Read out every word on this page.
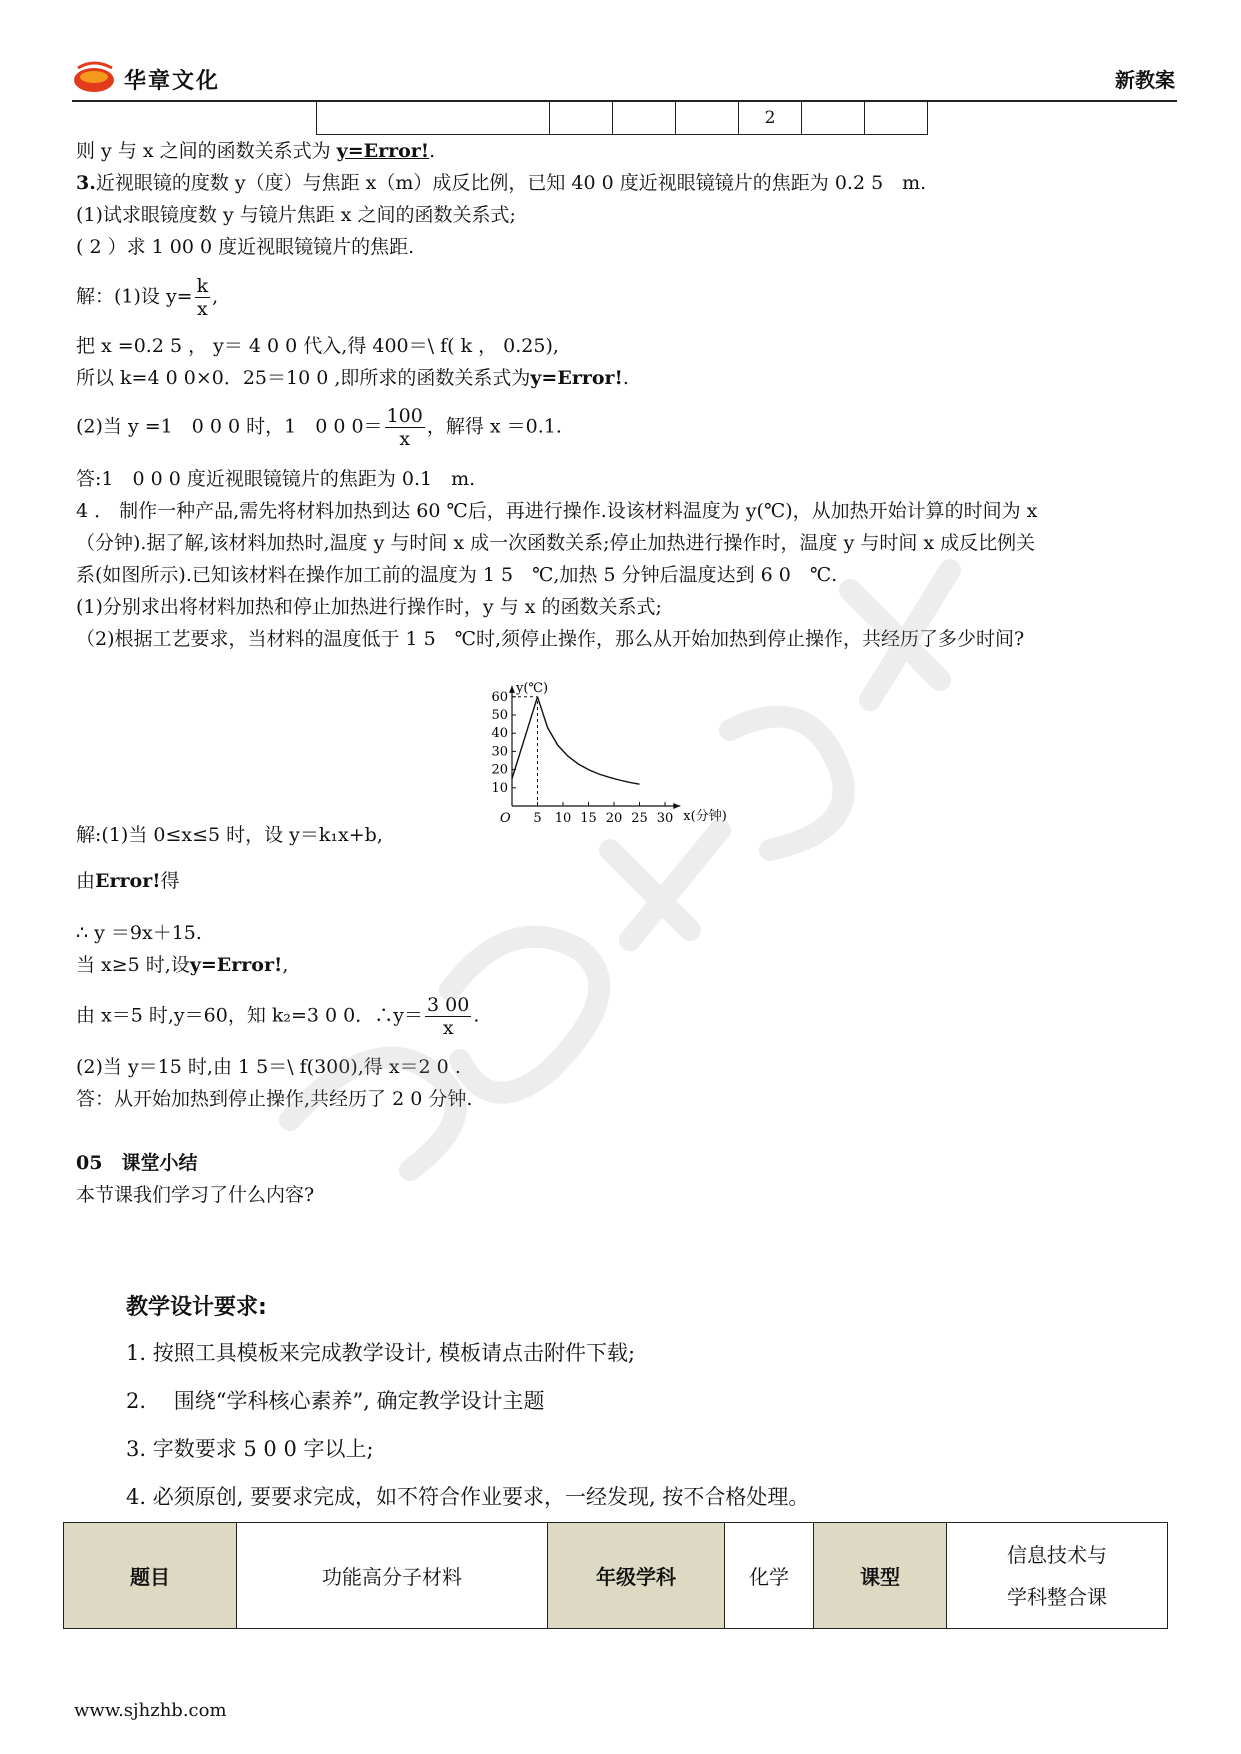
华章文化	新教案
				2		
则 y 与 x 之间的函数关系式为 y=Error!.
3.近视眼镜的度数 y（度）与焦距 x（m）成反比例，已知 40 0 度近视眼镜镜片的焦距为 0.2 5　m.
(1)试求眼镜度数 y 与镜片焦距 x 之间的函数关系式;
( 2 ）求 1 00 0 度近视眼镜镜片的焦距.
解：(1)设 $y= \frac{k}{x}$ ,
把 x =0.2 5 ， y＝ 4 0 0 代入,得 400＝\ f( k ， 0.25),
所以 k=4 0 0×0．25＝10 0 ,即所求的函数关系式为y=Error!.
(2)当 y =1　0 0 0 时，1　0 0 $0= \frac{100}{x}$ ，解得 x ＝0.1.
答:1　0 0 0 度近视眼镜镜片的焦距为 0.1　m.
4 ． 制作一种产品,需先将材料加热到达 60 ℃后，再进行操作.设该材料温度为 y(℃)，从加热开始计算的时间为 x
（分钟).据了解,该材料加热时,温度 y 与时间 x 成一次函数关系;停止加热进行操作时，温度 y 与时间 x 成反比例关
系(如图所示).已知该材料在操作加工前的温度为 1 5　℃,加热 5 分钟后温度达到 6 0　℃.
(1)分别求出将材料加热和停止加热进行操作时，y 与 x 的函数关系式;
（2)根据工艺要求，当材料的温度低于 1 5　℃时,须停止操作，那么从开始加热到停止操作，共经历了多少时间?
5 10 15 20 25 30
10
20
30
40
50
60
O	x(分钟)
y(℃)
解:(1)当 0≤x≤5 时，设 y＝k₁x+b,
由Error!得
∴ y ＝9x＋15.
当 x≥5 时,设y=Error!,
由 x＝5 时,y＝60，知 k₂=3 0 0．∴y＝ $\frac{3 00}{x}$ .
(2)当 y＝15 时,由 1 5＝\ f(300),得 x＝2 0 .
答：从开始加热到停止操作,共经历了 2 0 分钟.
05　 课堂小结
本节课我们学习了什么内容?
教学设计要求:
1. 按照工具模板来完成教学设计, 模板请点击附件下载;
2.　 围绕“学科核心素养”, 确定教学设计主题
3. 字数要求 5 0 0 字以上;
4. 必须原创, 要要求完成，如不符合作业要求，一经发现, 按不合格处理。
题目	功能高分子材料	年级学科	化学	课型	信息技术与
学科整合课
www.sjhzhb.com
